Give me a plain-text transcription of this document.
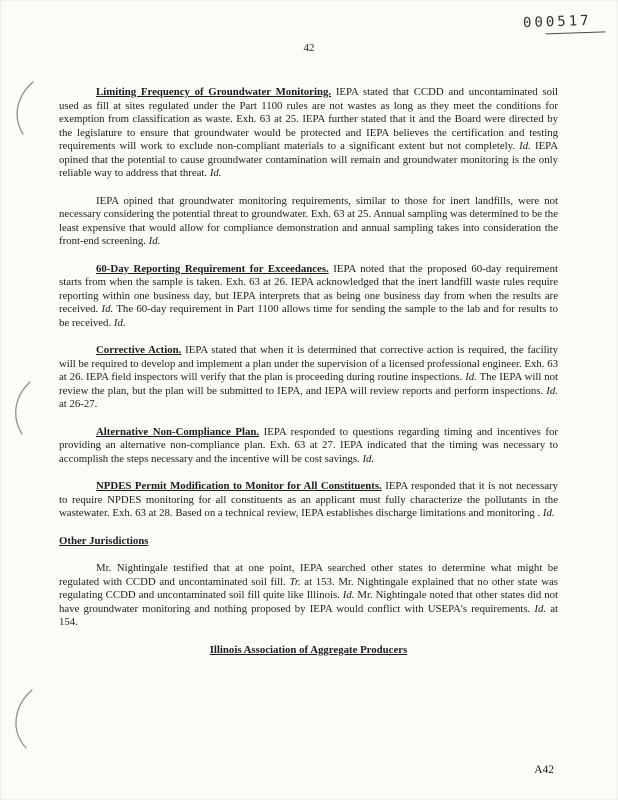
000517
42

Limiting Frequency of Groundwater Monitoring. IEPA stated that CCDD and uncontaminated soil used as fill at sites regulated under the Part 1100 rules are not wastes as long as they meet the conditions for exemption from classification as waste. Exh. 63 at 25. IEPA further stated that it and the Board were directed by the legislature to ensure that groundwater would be protected and IEPA believes the certification and testing requirements will work to exclude non-compliant materials to a significant extent but not completely. Id. IEPA opined that the potential to cause groundwater contamination will remain and groundwater monitoring is the only reliable way to address that threat. Id.

IEPA opined that groundwater monitoring requirements, similar to those for inert landfills, were not necessary considering the potential threat to groundwater. Exh. 63 at 25. Annual sampling was determined to be the least expensive that would allow for compliance demonstration and annual sampling takes into consideration the front-end screening. Id.

60-Day Reporting Requirement for Exceedances. IEPA noted that the proposed 60-day requirement starts from when the sample is taken. Exh. 63 at 26. IEPA acknowledged that the inert landfill waste rules require reporting within one business day, but IEPA interprets that as being one business day from when the results are received. Id. The 60-day requirement in Part 1100 allows time for sending the sample to the lab and for results to be received. Id.

Corrective Action. IEPA stated that when it is determined that corrective action is required, the facility will be required to develop and implement a plan under the supervision of a licensed professional engineer. Exh. 63 at 26. IEPA field inspectors will verify that the plan is proceeding during routine inspections. Id. The IEPA will not review the plan, but the plan will be submitted to IEPA, and IEPA will review reports and perform inspections. Id. at 26-27.

Alternative Non-Compliance Plan. IEPA responded to questions regarding timing and incentives for providing an alternative non-compliance plan. Exh. 63 at 27. IEPA indicated that the timing was necessary to accomplish the steps necessary and the incentive will be cost savings. Id.

NPDES Permit Modification to Monitor for All Constituents. IEPA responded that it is not necessary to require NPDES monitoring for all constituents as an applicant must fully characterize the pollutants in the wastewater. Exh. 63 at 28. Based on a technical review, IEPA establishes discharge limitations and monitoring . Id.

Other Jurisdictions

Mr. Nightingale testified that at one point, IEPA searched other states to determine what might be regulated with CCDD and uncontaminated soil fill. Tr. at 153. Mr. Nightingale explained that no other state was regulating CCDD and uncontaminated soil fill quite like Illinois. Id. Mr. Nightingale noted that other states did not have groundwater monitoring and nothing proposed by IEPA would conflict with USEPA's requirements. Id. at 154.

Illinois Association of Aggregate Producers

A42
